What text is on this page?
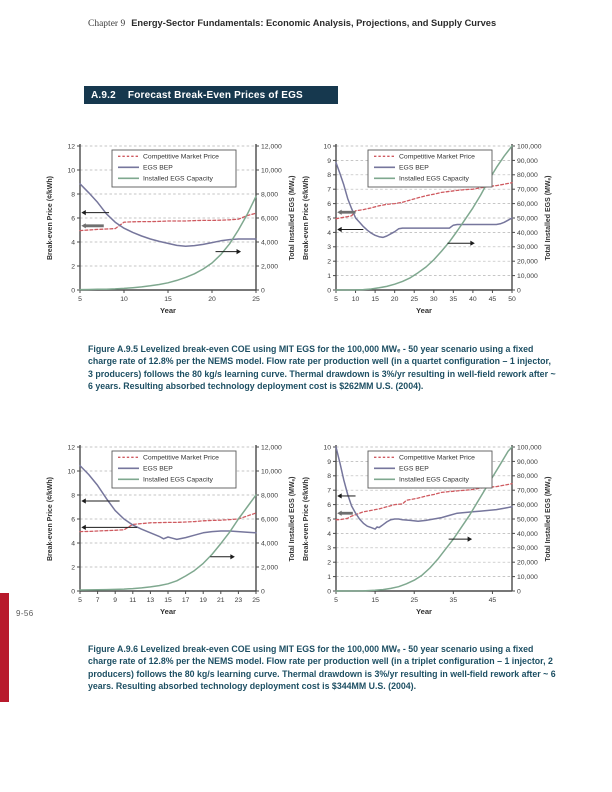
Chapter 9 Energy-Sector Fundamentals: Economic Analysis, Projections, and Supply Curves
A.9.2 Forecast Break-Even Prices of EGS
0
2
4
6
8
10
12
0
2,000
4,000
6,000
8,000
10,000
12,000
5	10	15	20	25
Year
Break-even Price (¢/kWh)	Total Installed EGS (MWₑ)
Competitive Market Price
EGS BEP
Installed EGS Capacity
0
1
2
3
4
5
6
7
8
9
10
0
10,000
20,000
30,000
40,000
50,000
60,000
70,000
80,000
90,000
100,000
5 10 15 20 25 30 35 40 45 50
Year
Break-even Price (¢/kWh)	Total Installed EGS (MWₑ)
Competitive Market Price
EGS BEP
Installed EGS Capacity

Figure A.9.5 Levelized break-even COE using MIT EGS for the 100,000 MWₑ - 50 year scenario using a fixed charge rate of 12.8% per the NEMS model. Flow rate per production well (in a quartet configuration – 1 injector, 3 producers) follows the 80 kg/s learning curve. Thermal drawdown is 3%/yr resulting in well-field rework after ~ 6 years. Resulting absorbed technology deployment cost is $262MM U.S. (2004).

0
2
4
6
8
10
12
0
2,000
4,000
6,000
8,000
10,000
12,000
5 7 9 11 13 15 17 19 21 23 25
Year
Break-even Price (¢/kWh)	Total Installed EGS (MWₑ)
Competitive Market Price
EGS BEP
Installed EGS Capacity
0
1
2
3
4
5
6
7
8
9
10
0
10,000
20,000
30,000
40,000
50,000
60,000
70,000
80,000
90,000
100,000
5	15	25	35	45
Year
Break-even Price (¢/kWh)	Total Installed EGS (MWₑ)
Competitive Market Price
EGS BEP
Installed EGS Capacity

Figure A.9.6 Levelized break-even COE using MIT EGS for the 100,000 MWₑ - 50 year scenario using a fixed charge rate of 12.8% per the NEMS model. Flow rate per production well (in a triplet configuration – 1 injector, 2 producers) follows the 80 kg/s learning curve. Thermal drawdown is 3%/yr resulting in well-field rework after ~ 6 years. Resulting absorbed technology deployment cost is $344MM U.S. (2004).

9-56
